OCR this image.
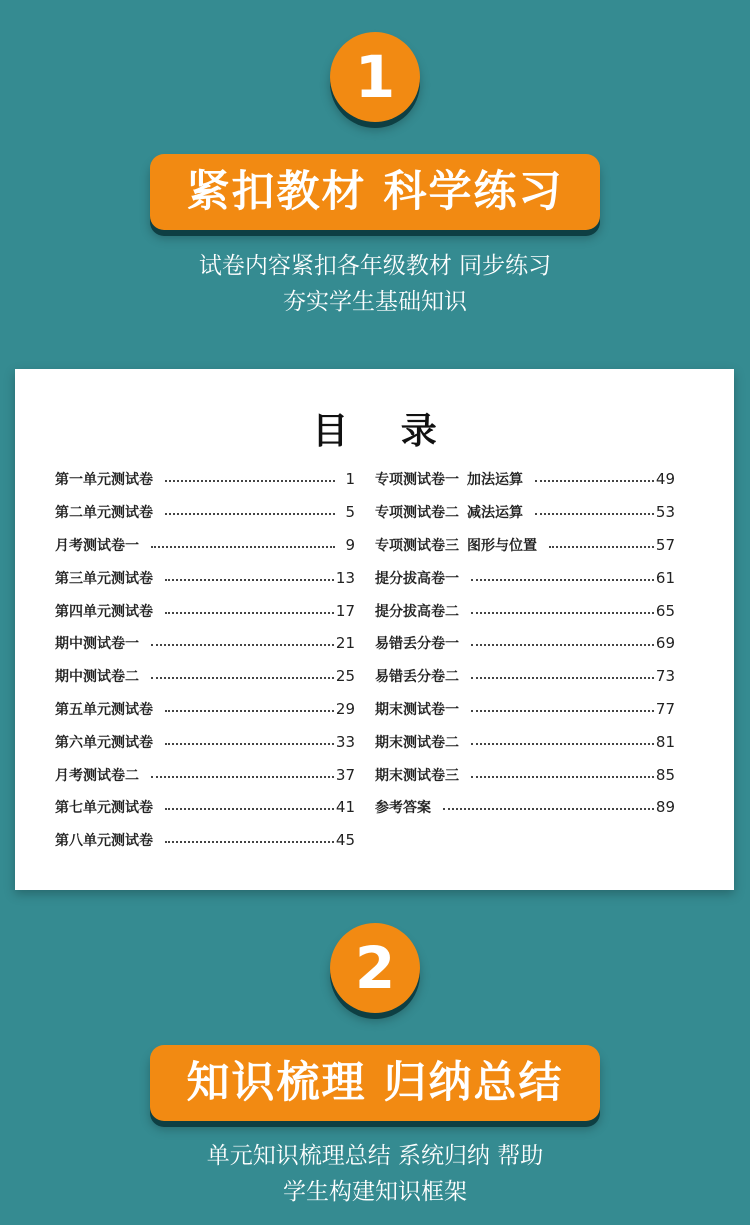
1
紧扣教材 科学练习
试卷内容紧扣各年级教材 同步练习
夯实学生基础知识
目 录
第一单元测试卷	1
第二单元测试卷	5
月考测试卷一	9
第三单元测试卷	13
第四单元测试卷	17
期中测试卷一	21
期中测试卷二	25
第五单元测试卷	29
第六单元测试卷	33
月考测试卷二	37
第七单元测试卷	41
第八单元测试卷	45
专项测试卷一 加法运算	49
专项测试卷二 减法运算	53
专项测试卷三 图形与位置	57
提分拔高卷一	61
提分拔高卷二	65
易错丢分卷一	69
易错丢分卷二	73
期末测试卷一	77
期末测试卷二	81
期末测试卷三	85
参考答案	89
2
知识梳理 归纳总结
单元知识梳理总结 系统归纳 帮助
学生构建知识框架
